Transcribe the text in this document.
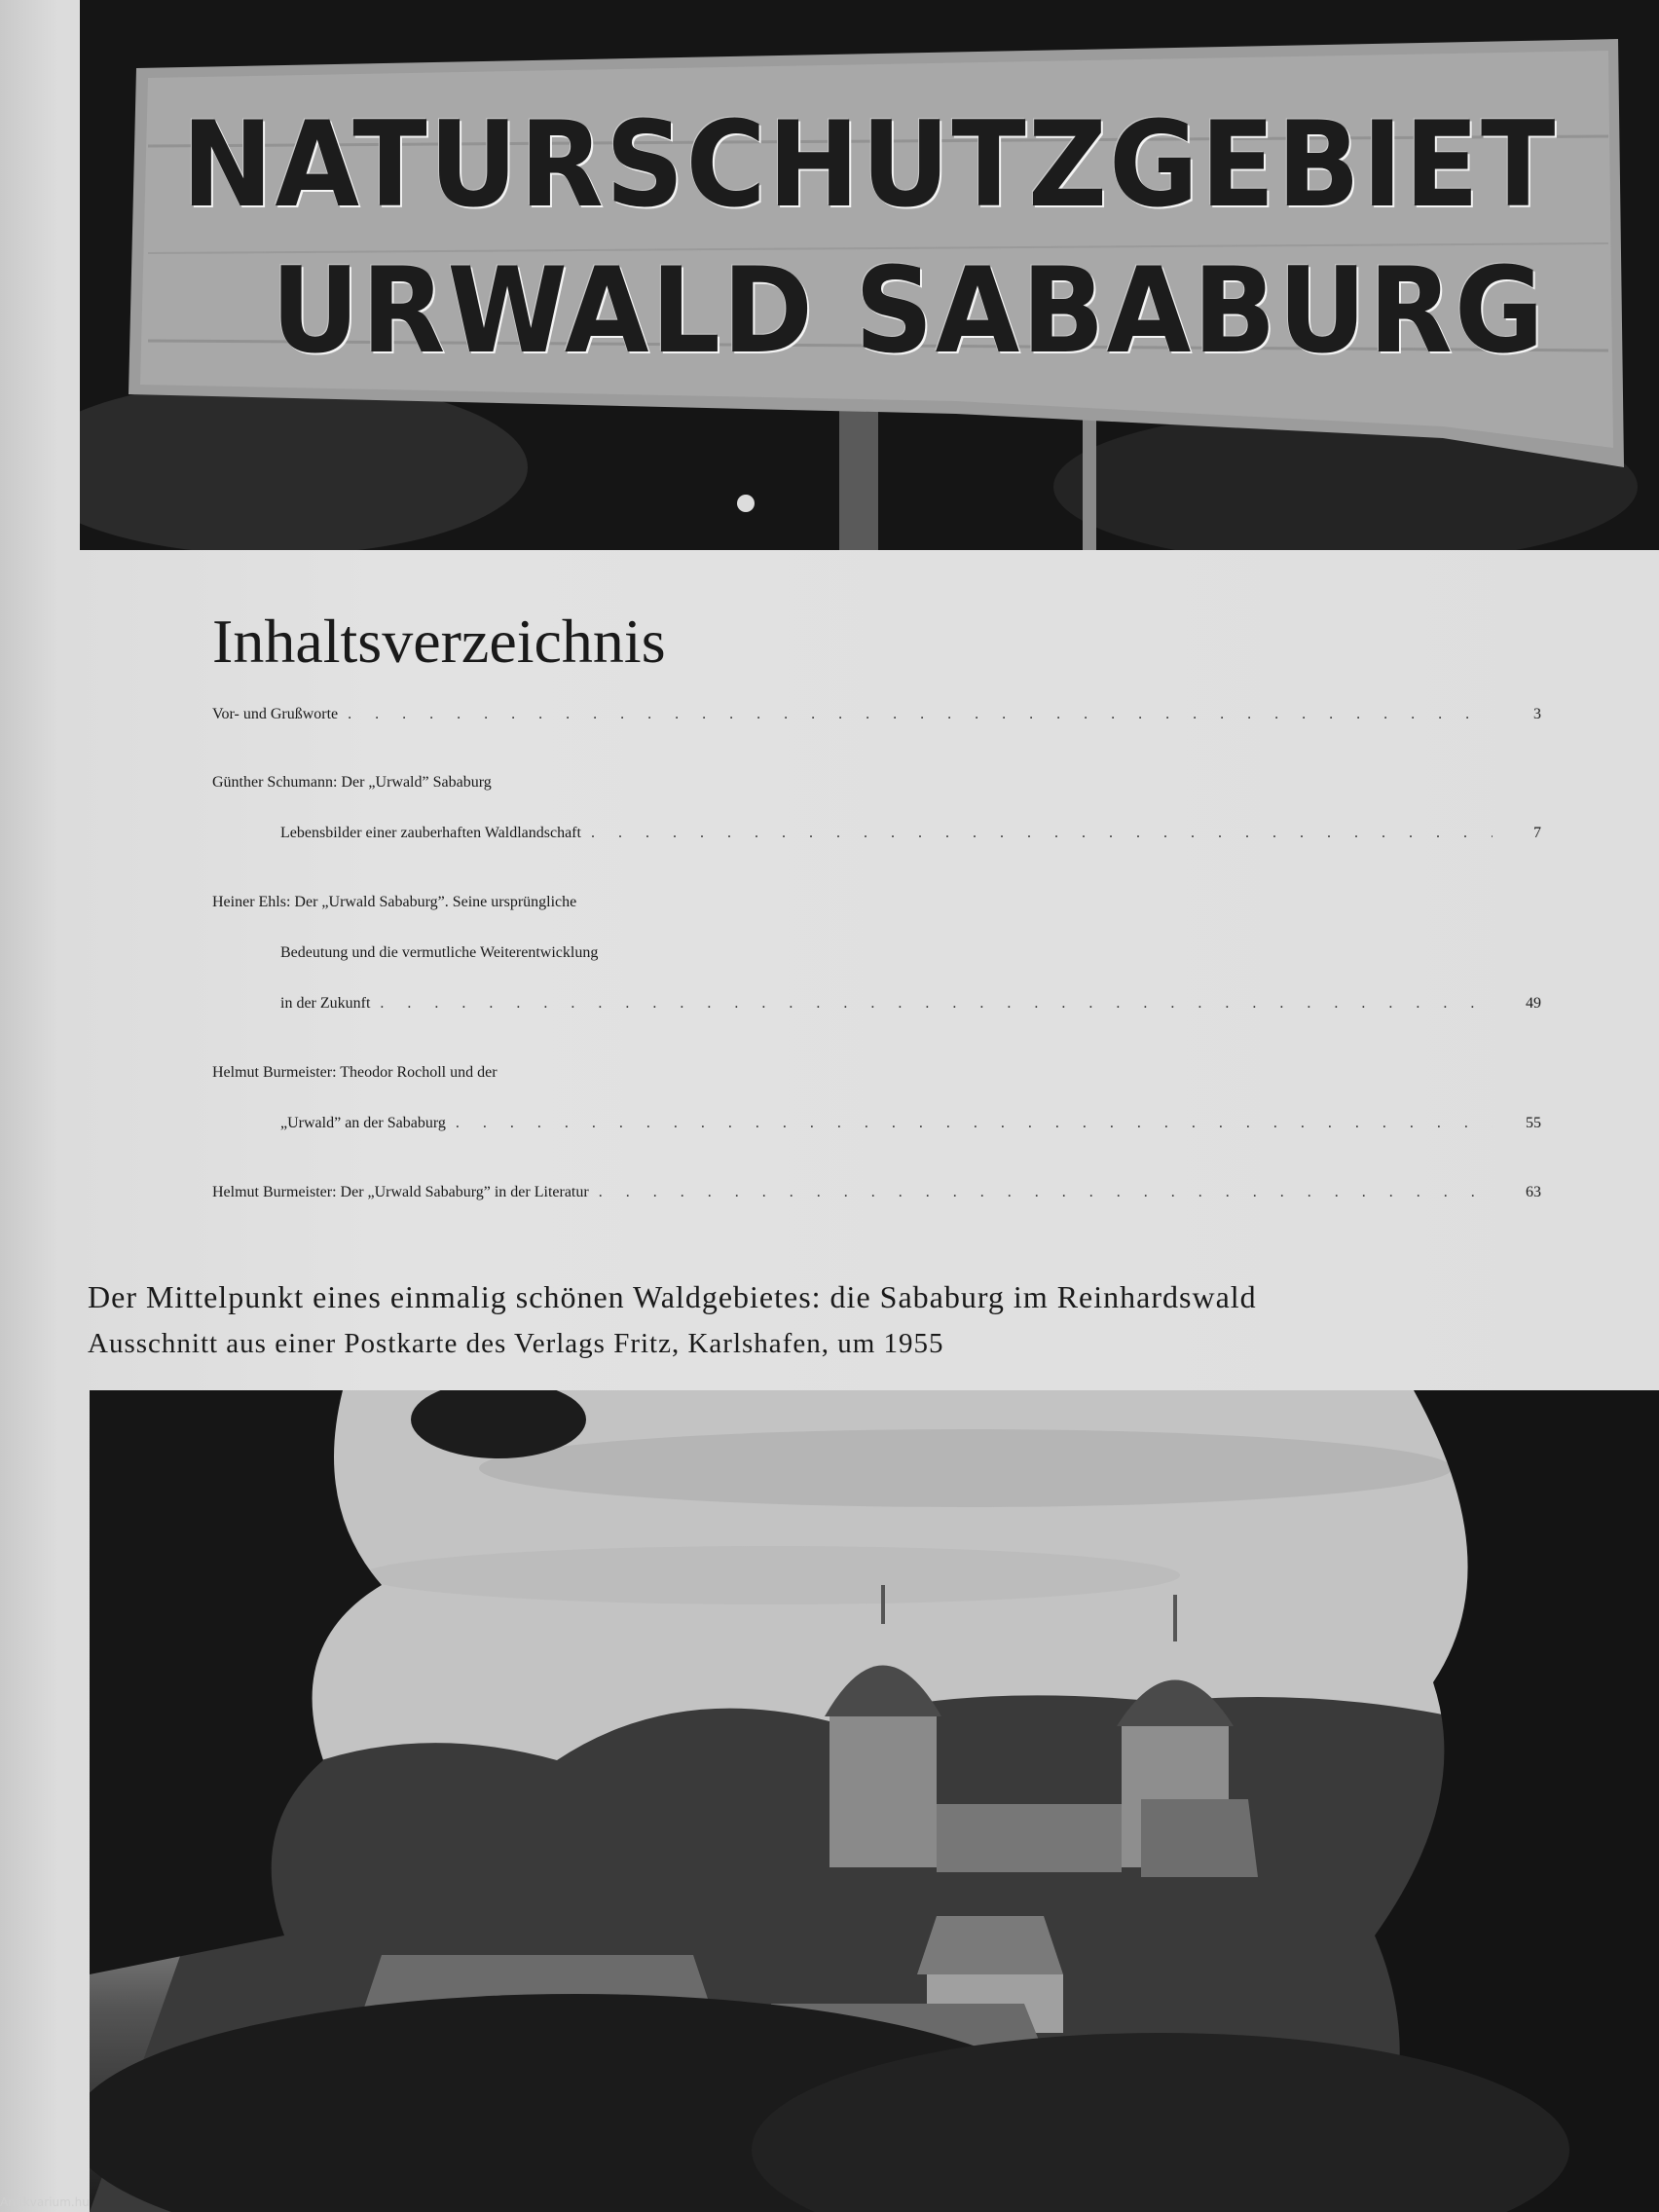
NATURSCHUTZGEBIET
URWALD SABABURG
Inhaltsverzeichnis
Vor- und Grußworte . . .	3
Günther Schumann: Der „Urwald” Sababurg
Lebensbilder einer zauberhaften Waldlandschaft . . .	7
Heiner Ehls: Der „Urwald Sababurg”. Seine ursprüngliche
Bedeutung und die vermutliche Weiterentwicklung
in der Zukunft . . .	49
Helmut Burmeister: Theodor Rocholl und der
„Urwald” an der Sababurg . . .	55
Helmut Burmeister: Der „Urwald Sababurg” in der Literatur . . .	63
Der Mittelpunkt eines einmalig schönen Waldgebietes: die Sababurg im Reinhardswald
Ausschnitt aus einer Postkarte des Verlags Fritz, Karlshafen, um 1955
Antikvarium.hu
